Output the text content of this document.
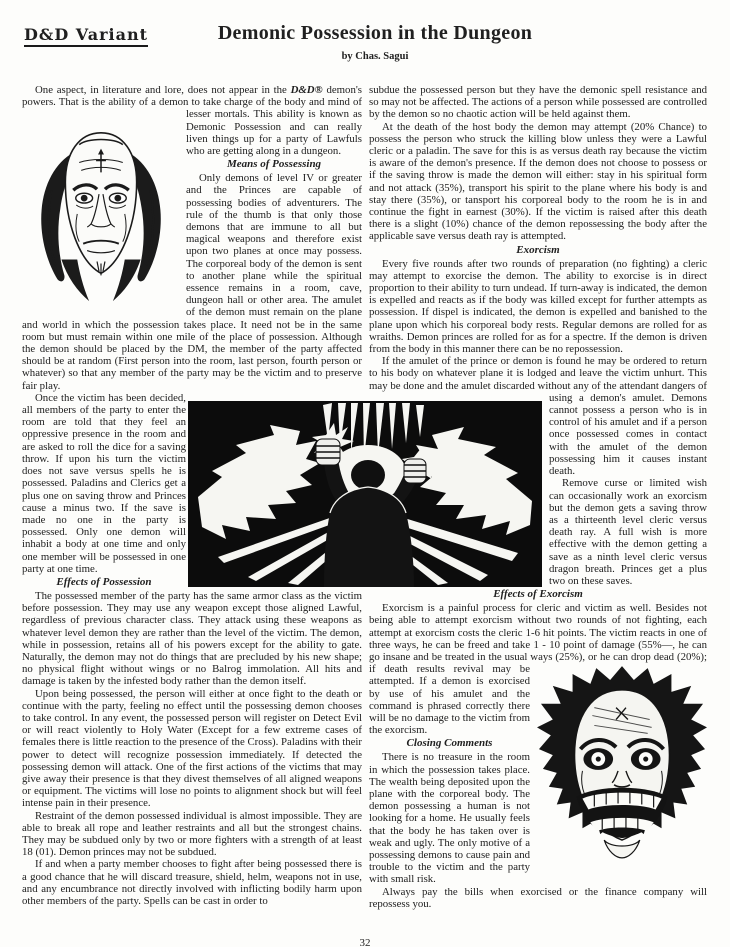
D&D Variant	Demonic Possession in the Dungeon
by Chas. Sagui

One aspect, in literature and lore, does not appear in the D&D® demon's powers. That is the ability of a demon to take charge of the body and mind of lesser mortals. This ability is known as Demonic Possession and can really liven things up for a party of Lawfuls who are getting along in a dungeon.

Means of Possessing

Only demons of level IV or greater and the Princes are capable of possessing bodies of adventurers. The rule of the thumb is that only those demons that are immune to all but magical weapons and therefore exist upon two planes at once may possess. The corporeal body of the demon is sent to another plane while the spiritual essence remains in a room, cave, dungeon hall or other area. The amulet of the demon must remain on the plane and world in which the possession takes place. It need not be in the same room but must remain within one mile of the place of possession. Although the demon should be placed by the DM, the member of the party affected should be at random (First person into the room, last person, fourth person or whatever) so that any member of the party may be the victim and to preserve fair play.

Once the victim has been decided, all members of the party to enter the room are told that they feel an oppressive presence in the room and are asked to roll the dice for a saving throw. If upon his turn the victim does not save versus spells he is possessed. Paladins and Clerics get a plus one on saving throw and Princes cause a minus two. If the save is made no one in the party is possessed. Only one demon will inhabit a body at one time and only one member will be possessed in one party at one time.

Effects of Possession

The possessed member of the party has the same armor class as the victim before possession. They may use any weapon except those aligned Lawful, regardless of previous character class. They attack using these weapons as whatever level demon they are rather than the level of the victim. The demon, while in possession, retains all of his powers except for the ability to gate. Naturally, the demon may not do things that are precluded by his new shape; no physical flight without wings or no Balrog immolation. All hits and damage is taken by the infested body rather than the demon itself.

Upon being possessed, the person will either at once fight to the death or continue with the party, feeling no effect until the possessing demon chooses to take control. In any event, the possessed person will register on Detect Evil or will react violently to Holy Water (Except for a few extreme cases of females there is little reaction to the presence of the Cross). Paladins with their power to detect will recognize possession immediately. If detected the possessing demon will attack. One of the first actions of the victims that may give away their presence is that they divest themselves of all aligned weapons or equipment. The victims will lose no points to alignment shock but will feel intense pain in their presence.

Restraint of the demon possessed individual is almost impossible. They are able to break all rope and leather restraints and all but the strongest chains. They may be subdued only by two or more fighters with a strength of at least 18 (01). Demon princes may not be subdued.

If and when a party member chooses to fight after being possessed there is a good chance that he will discard treasure, shield, helm, weapons not in use, and any encumbrance not directly involved with inflicting bodily harm upon other members of the party. Spells can be cast in order to

subdue the possessed person but they have the demonic spell resistance and so may not be affected. The actions of a person while possessed are controlled by the demon so no chaotic action will be held against them.

At the death of the host body the demon may attempt (20% Chance) to possess the person who struck the killing blow unless they were a Lawful cleric or a paladin. The save for this is as versus death ray because the victim is aware of the demon's presence. If the demon does not choose to possess or if the saving throw is made the demon will either: stay in his spiritual form and not attack (35%), transport his spirit to the plane where his body is and stay there (35%), or tansport his corporeal body to the room he is in and continue the fight in earnest (30%). If the victim is raised after this death there is a slight (10%) chance of the demon repossessing the body after the applicable save versus death ray is attempted.

Exorcism

Every five rounds after two rounds of preparation (no fighting) a cleric may attempt to exorcise the demon. The ability to exorcise is in direct proportion to their ability to turn undead. If turn-away is indicated, the demon is expelled and reacts as if the body was killed except for further attempts as possession. If dispel is indicated, the demon is expelled and banished to the plane upon which his corporeal body rests. Regular demons are rolled for as wraiths. Demon princes are rolled for as for a spectre. If the demon is driven from the body in this manner there can be no repossession.

If the amulet of the prince or demon is found he may be ordered to return to his body on whatever plane it is lodged and leave the victim unhurt. This may be done and the amulet discarded without any of the attendant dangers of using a demon's amulet. Demons cannot possess a person who is in control of his amulet and if a person once possessed comes in contact with the amulet of the demon possessing him it causes instant death.

Remove curse or limited wish can occasionally work an exorcism but the demon gets a saving throw as a thirteenth level cleric versus death ray. A full wish is more effective with the demon getting a save as a ninth level cleric versus dragon breath. Princes get a plus two on these saves.

Effects of Exorcism

Exorcism is a painful process for cleric and victim as well. Besides not being able to attempt exorcism without two rounds of not fighting, each attempt at exorcism costs the cleric 1-6 hit points. The victim reacts in one of three ways, he can be freed and take 1 - 10 point of damage (55%—, he can go insane and be treated in the usual ways (25%), or he can drop dead (20%); if death results revival may be attempted. If a demon is exorcised by use of his amulet and the command is phrased correctly there will be no damage to the victim from the exorcism.

Closing Comments

There is no treasure in the room in which the possession takes place. The wealth being deposited upon the plane with the corporeal body. The demon possessing a human is not looking for a home. He usually feels that the body he has taken over is weak and ugly. The only motive of a possessing demons to cause pain and trouble to the victim and the party with small risk.

Always pay the bills when exorcised or the finance company will repossess you.

32
